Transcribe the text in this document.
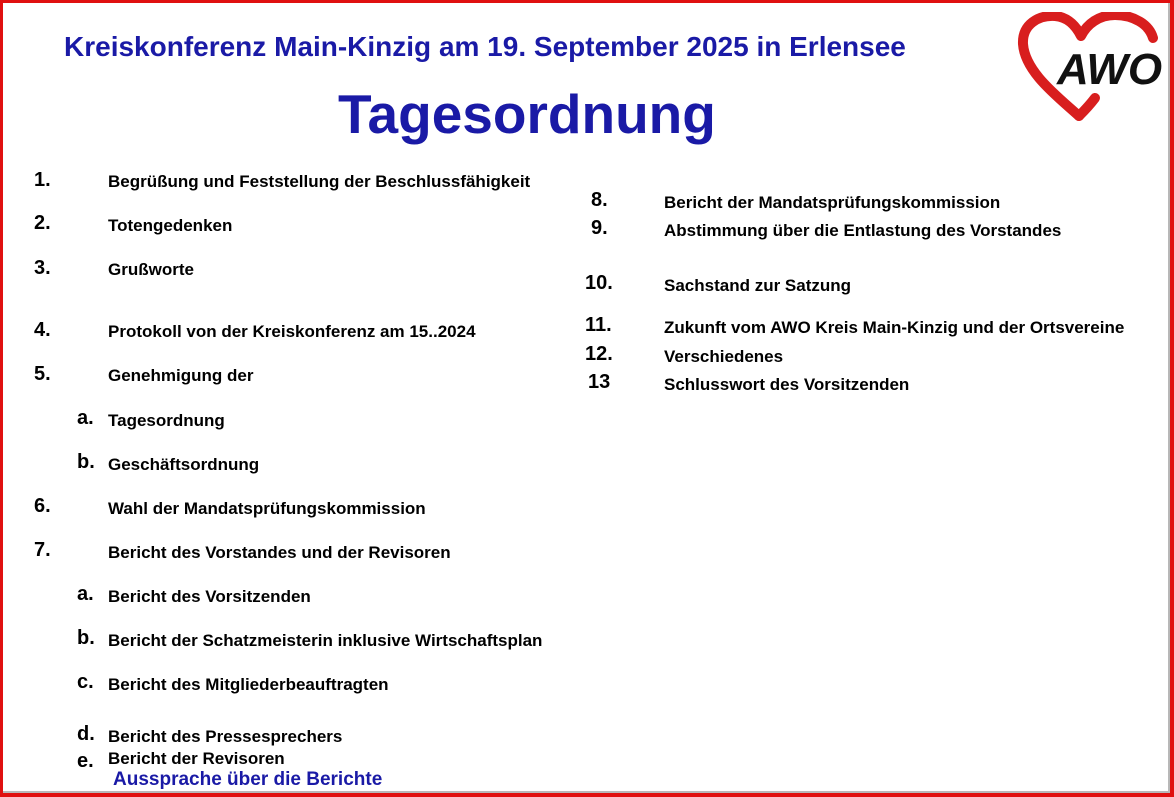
Kreiskonferenz Main-Kinzig am 19. September 2025 in Erlensee
Tagesordnung
AWO
1.	Begrüßung und Feststellung der Beschlussfähigkeit
2.	Totengedenken
3.	Grußworte
4.	Protokoll von der Kreiskonferenz am 15..2024
5.	Genehmigung der
a. Tagesordnung
b. Geschäftsordnung
6.	Wahl der Mandatsprüfungskommission
7.	Bericht des Vorstandes und der Revisoren
a. Bericht des Vorsitzenden
b. Bericht der Schatzmeisterin inklusive Wirtschaftsplan
c. Bericht des Mitgliederbeauftragten
d. Bericht des Pressesprechers
e. Bericht der Revisoren
Aussprache über die Berichte
8.	Bericht der Mandatsprüfungskommission
9.	Abstimmung über die Entlastung des Vorstandes
10.	Sachstand zur Satzung
11.	Zukunft vom AWO Kreis Main-Kinzig und der Ortsvereine
12.	Verschiedenes
13	Schlusswort des Vorsitzenden
